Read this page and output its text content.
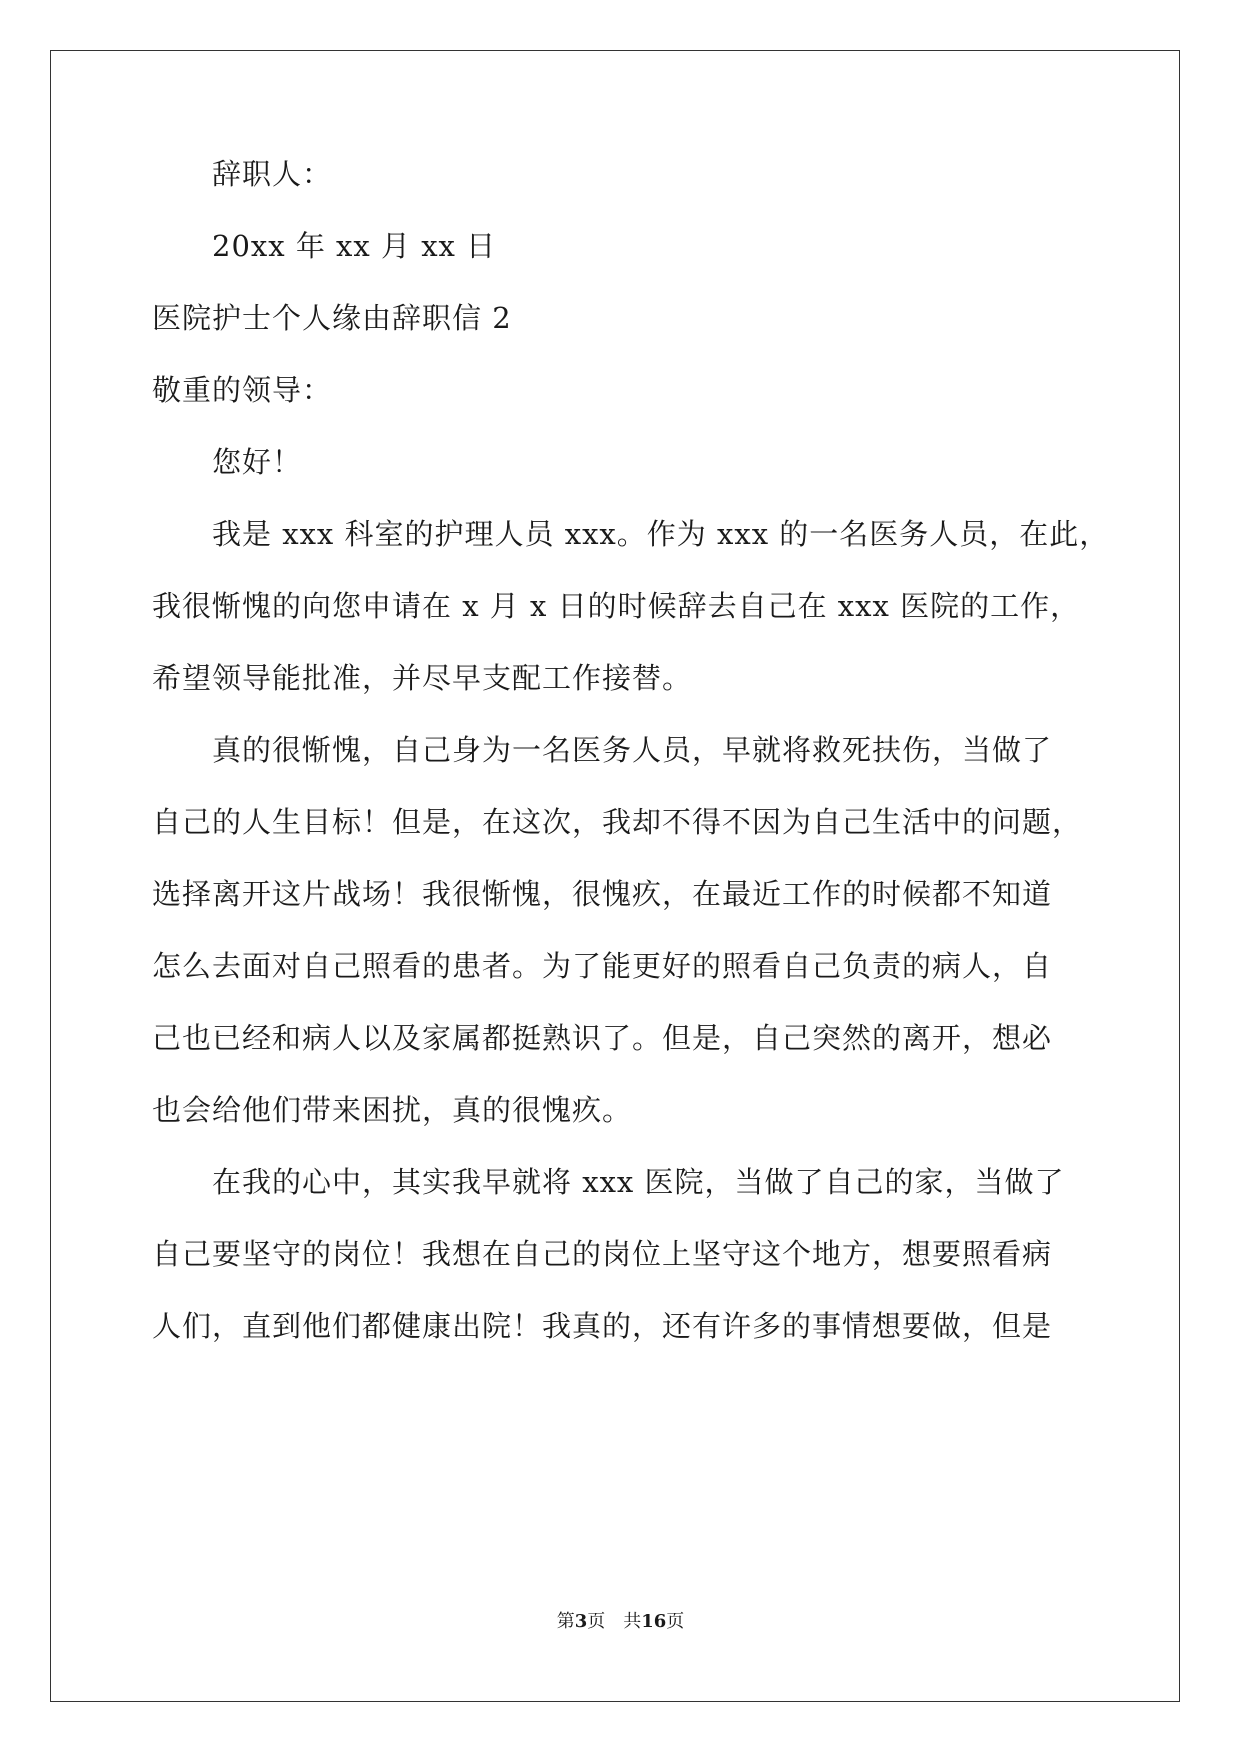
辞职人：
20xx 年 xx 月 xx 日
医院护士个人缘由辞职信 2
敬重的领导：
您好！
我是 xxx 科室的护理人员 xxx。作为 xxx 的一名医务人员，在此，
我很惭愧的向您申请在 x 月 x 日的时候辞去自己在 xxx 医院的工作，
希望领导能批准，并尽早支配工作接替。
真的很惭愧，自己身为一名医务人员，早就将救死扶伤，当做了
自己的人生目标！但是，在这次，我却不得不因为自己生活中的问题，
选择离开这片战场！我很惭愧，很愧疚，在最近工作的时候都不知道
怎么去面对自己照看的患者。为了能更好的照看自己负责的病人，自
己也已经和病人以及家属都挺熟识了。但是，自己突然的离开，想必
也会给他们带来困扰，真的很愧疚。
在我的心中，其实我早就将 xxx 医院，当做了自己的家，当做了
自己要坚守的岗位！我想在自己的岗位上坚守这个地方，想要照看病
人们，直到他们都健康出院！我真的，还有许多的事情想要做，但是
第3页 共16页
